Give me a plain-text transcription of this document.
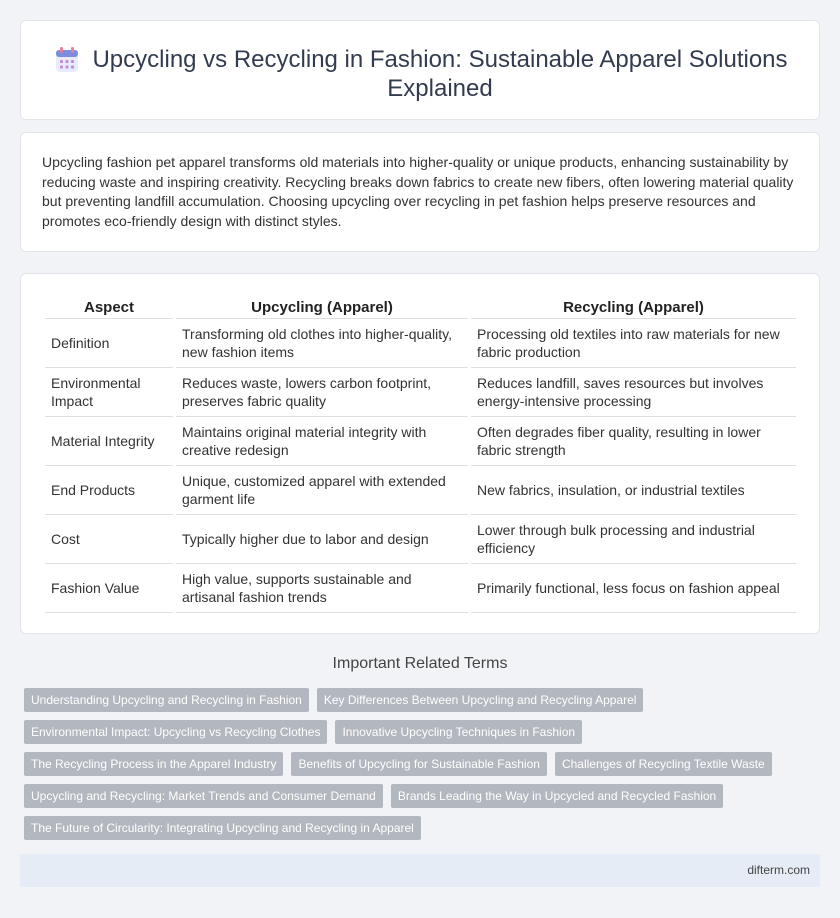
Upcycling vs Recycling in Fashion: Sustainable Apparel Solutions Explained

Upcycling fashion pet apparel transforms old materials into higher-quality or unique products, enhancing sustainability by reducing waste and inspiring creativity. Recycling breaks down fabrics to create new fibers, often lowering material quality but preventing landfill accumulation. Choosing upcycling over recycling in pet fashion helps preserve resources and promotes eco-friendly design with distinct styles.

Aspect	Upcycling (Apparel)	Recycling (Apparel)
Definition	Transforming old clothes into higher-quality, new fashion items	Processing old textiles into raw materials for new fabric production
Environmental Impact	Reduces waste, lowers carbon footprint, preserves fabric quality	Reduces landfill, saves resources but involves energy-intensive processing
Material Integrity	Maintains original material integrity with creative redesign	Often degrades fiber quality, resulting in lower fabric strength
End Products	Unique, customized apparel with extended garment life	New fabrics, insulation, or industrial textiles
Cost	Typically higher due to labor and design	Lower through bulk processing and industrial efficiency
Fashion Value	High value, supports sustainable and artisanal fashion trends	Primarily functional, less focus on fashion appeal
Important Related Terms
Understanding Upcycling and Recycling in Fashion	Key Differences Between Upcycling and Recycling Apparel
Environmental Impact: Upcycling vs Recycling Clothes	Innovative Upcycling Techniques in Fashion
The Recycling Process in the Apparel Industry	Benefits of Upcycling for Sustainable Fashion	Challenges of Recycling Textile Waste
Upcycling and Recycling: Market Trends and Consumer Demand	Brands Leading the Way in Upcycled and Recycled Fashion
The Future of Circularity: Integrating Upcycling and Recycling in Apparel
difterm.com
